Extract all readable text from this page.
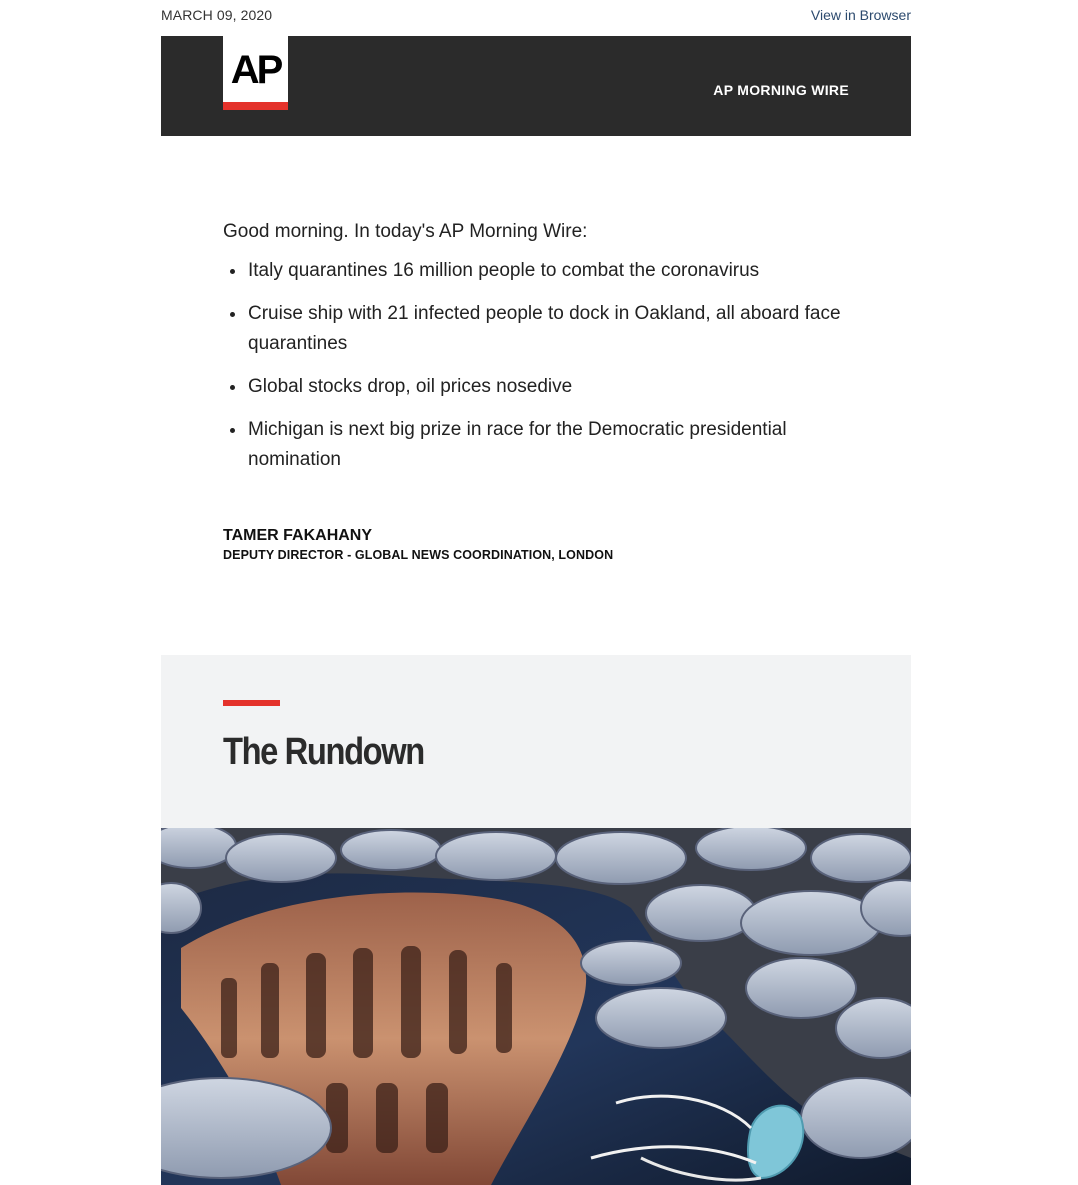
MARCH 09, 2020	View in Browser
AP	AP MORNING WIRE

Good morning. In today's AP Morning Wire:

Italy quarantines 16 million people to combat the coronavirus
Cruise ship with 21 infected people to dock in Oakland, all aboard face quarantines
Global stocks drop, oil prices nosedive
Michigan is next big prize in race for the Democratic presidential nomination
TAMER FAKAHANY
DEPUTY DIRECTOR - GLOBAL NEWS COORDINATION, LONDON
The Rundown
